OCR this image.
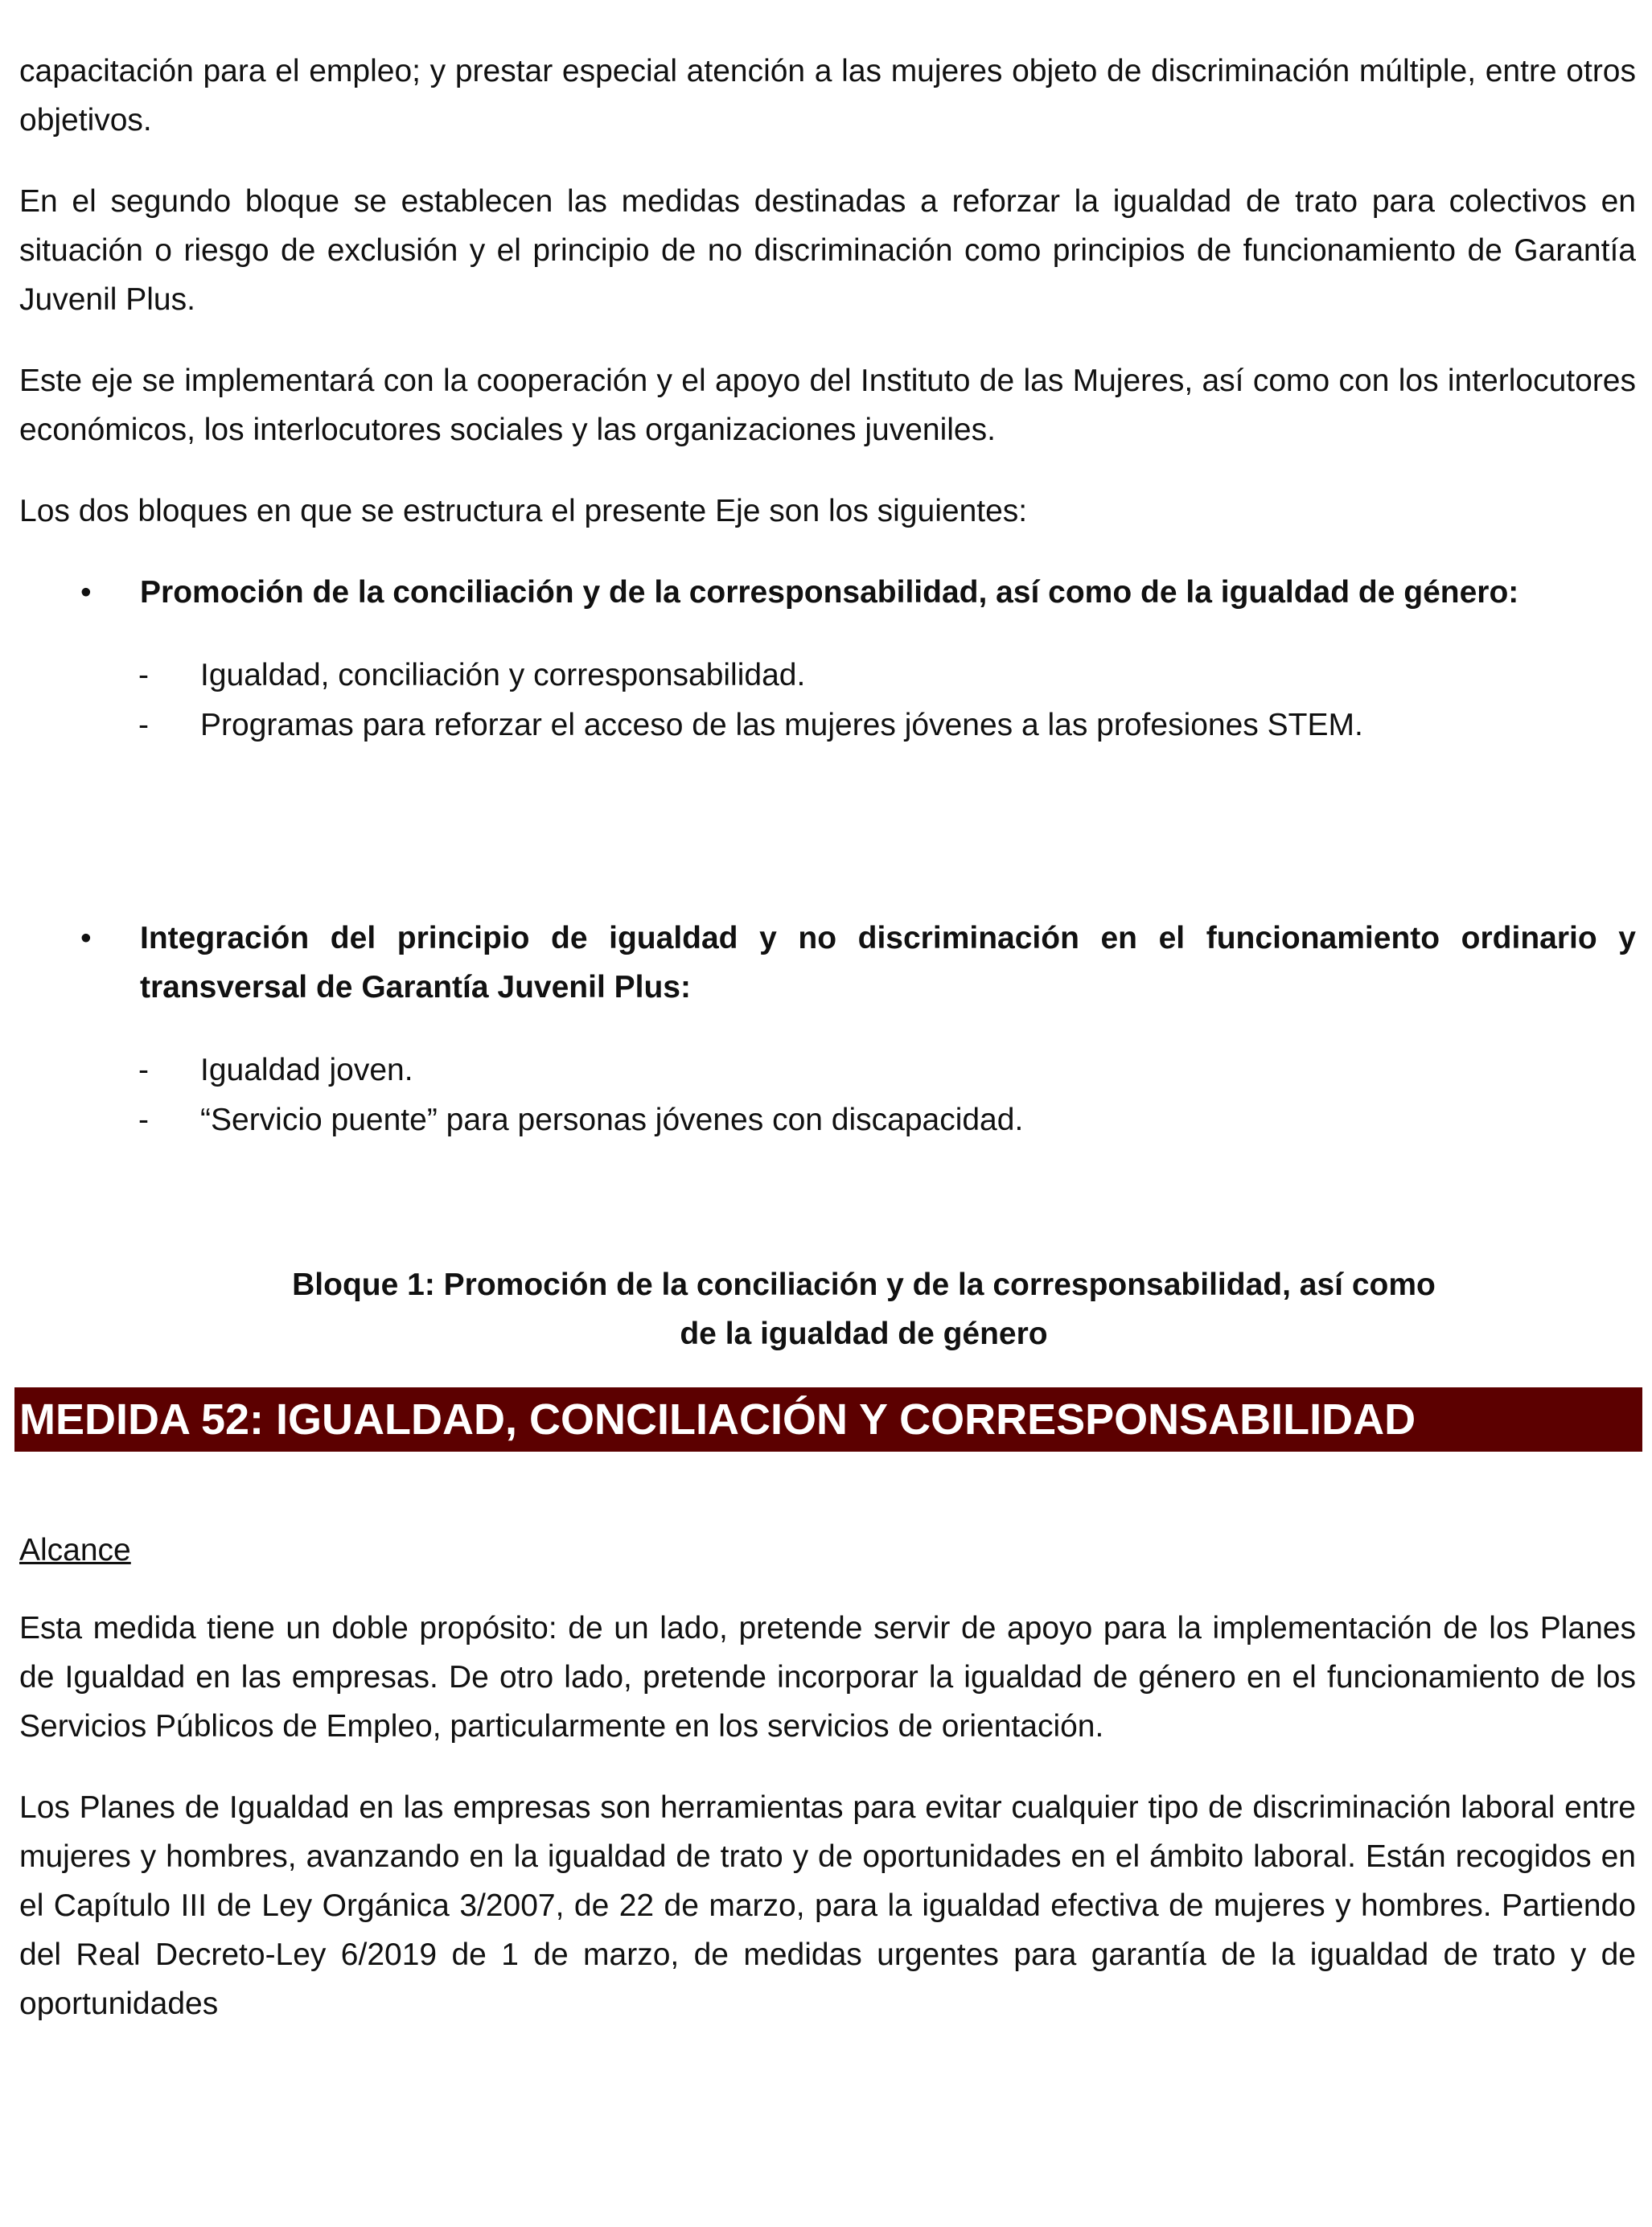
capacitación para el empleo; y prestar especial atención a las mujeres objeto de discriminación múltiple, entre otros objetivos.

En el segundo bloque se establecen las medidas destinadas a reforzar la igualdad de trato para colectivos en situación o riesgo de exclusión y el principio de no discriminación como principios de funcionamiento de Garantía Juvenil Plus.

Este eje se implementará con la cooperación y el apoyo del Instituto de las Mujeres, así como con los interlocutores económicos, los interlocutores sociales y las organizaciones juveniles.

Los dos bloques en que se estructura el presente Eje son los siguientes:

• Promoción de la conciliación y de la corresponsabilidad, así como de la igualdad de género:
- Igualdad, conciliación y corresponsabilidad.
- Programas para reforzar el acceso de las mujeres jóvenes a las profesiones STEM.
• Integración del principio de igualdad y no discriminación en el funcionamiento ordinario y transversal de Garantía Juvenil Plus:
- Igualdad joven.
- “Servicio puente” para personas jóvenes con discapacidad.
Bloque 1: Promoción de la conciliación y de la corresponsabilidad, así como
de la igualdad de género
MEDIDA 52: IGUALDAD, CONCILIACIÓN Y CORRESPONSABILIDAD
Alcance

Esta medida tiene un doble propósito: de un lado, pretende servir de apoyo para la implementación de los Planes de Igualdad en las empresas. De otro lado, pretende incorporar la igualdad de género en el funcionamiento de los Servicios Públicos de Empleo, particularmente en los servicios de orientación.

Los Planes de Igualdad en las empresas son herramientas para evitar cualquier tipo de discriminación laboral entre mujeres y hombres, avanzando en la igualdad de trato y de oportunidades en el ámbito laboral. Están recogidos en el Capítulo III de Ley Orgánica 3/2007, de 22 de marzo, para la igualdad efectiva de mujeres y hombres. Partiendo del Real Decreto-Ley 6/2019 de 1 de marzo, de medidas urgentes para garantía de la igualdad de trato y de oportunidades
